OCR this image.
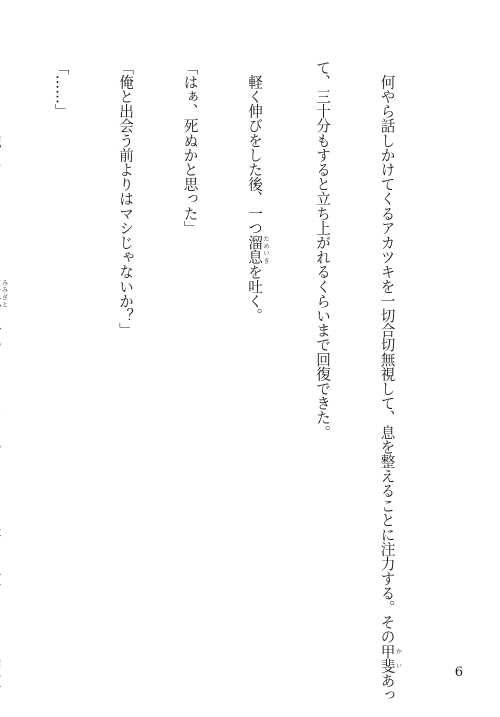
　何やら話しかけてくるアカツキを一切合切無視して、息を整えることに注力する。その甲斐 かいあっ

て、三十分もすると立ち上がれるくらいまで回復できた。

　軽く伸びをした後、一つ溜息 ためいきを吐く。

「はぁ、死ぬかと思った」

「俺と出会う前よりはマシじゃないか？」

「……」

みみざと

6
